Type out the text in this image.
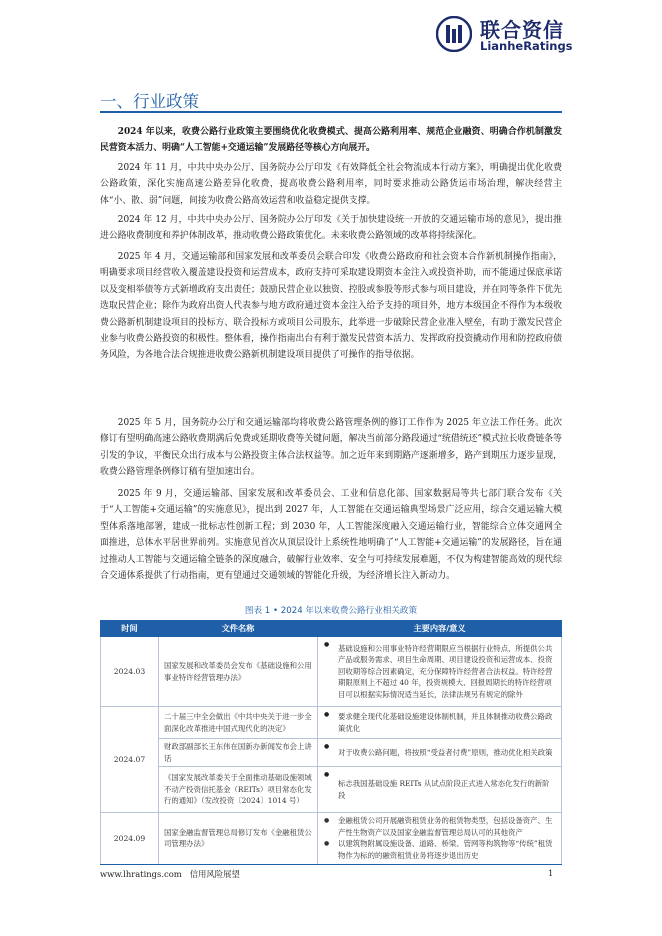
联合资信
LianheRatings
一、行业政策

2024 年以来，收费公路行业政策主要围绕优化收费模式、提高公路利用率、规范企业融资、明确合作机制激发民营资本活力、明确“人工智能+交通运输”发展路径等核心方向展开。

2024 年 11 月，中共中央办公厅、国务院办公厅印发《有效降低全社会物流成本行动方案》，明确提出优化收费公路政策，深化实施高速公路差异化收费，提高收费公路利用率，同时要求推动公路货运市场治理，解决经营主体“小、散、弱”问题，间接为收费公路高效运营和收益稳定提供支撑。

2024 年 12 月，中共中央办公厅、国务院办公厅印发《关于加快建设统一开放的交通运输市场的意见》，提出推进公路收费制度和养护体制改革，推动收费公路政策优化。未来收费公路领域的改革将持续深化。

2025 年 4 月，交通运输部和国家发展和改革委员会联合印发《收费公路政府和社会资本合作新机制操作指南》，明确要求项目经营收入覆盖建设投资和运营成本，政府支持可采取建设期资本金注入或投资补助，而不能通过保底承诺以及变相举债等方式新增政府支出责任；鼓励民营企业以独资、控股或参股等形式参与项目建设，并在同等条件下优先选取民营企业；除作为政府出资人代表参与地方政府通过资本金注入给予支持的项目外，地方本级国企不得作为本级收费公路新机制建设项目的投标方、联合投标方或项目公司股东，此举进一步破除民营企业准入壁垒，有助于激发民营企业参与收费公路投资的积极性。整体看，操作指南出台有利于激发民营资本活力、发挥政府投资撬动作用和防控政府债务风险，为各地合法合规推进收费公路新机制建设项目提供了可操作的指导依据。

2025 年 5 月，国务院办公厅和交通运输部均将收费公路管理条例的修订工作作为 2025 年立法工作任务。此次修订有望明确高速公路收费期满后免费或延期收费等关键问题，解决当前部分路段通过“统借统还”模式拉长收费链条等引发的争议，平衡民众出行成本与公路投资主体合法权益等。加之近年来到期路产逐渐增多，路产到期压力逐步显现，收费公路管理条例修订稿有望加速出台。

2025 年 9 月，交通运输部、国家发展和改革委员会、工业和信息化部、国家数据局等共七部门联合发布《关于“人工智能+交通运输”的实施意见》，提出到 2027 年，人工智能在交通运输典型场景广泛应用，综合交通运输大模型体系落地部署，建成一批标志性创新工程；到 2030 年，人工智能深度融入交通运输行业，智能综合立体交通网全面推进，总体水平居世界前列。实施意见首次从顶层设计上系统性地明确了“人工智能+交通运输”的发展路径，旨在通过推动人工智能与交通运输全链条的深度融合，破解行业效率、安全与可持续发展难题，不仅为构建智能高效的现代综合交通体系提供了行动指南，更有望通过交通领域的智能化升级，为经济增长注入新动力。

图表 1 • 2024 年以来收费公路行业相关政策
时间	文件名称	主要内容/意义
2024.03	国家发展和改革委员会发布《基础设施和公用事业特许经营管理办法》	● 基础设施和公用事业特许经营期限应当根据行业特点、所提供公共产品或服务需求、项目生命周期、项目建设投资和运营成本、投资回收期等综合因素确定，充分保障特许经营者合法权益。特许经营期限原则上不超过 40 年，投资规模大、回报周期长的特许经营项目可以根据实际情况适当延长，法律法规另有规定的除外
2024.07	二十届三中全会做出《中共中央关于进一步全面深化改革推进中国式现代化的决定》	● 要求健全现代化基础设施建设体制机制，并且体制推动收费公路政策优化
	财政部副部长王东伟在国新办新闻发布会上讲话	● 对于收费公路问题，将按照“受益者付费”原则，推动优化相关政策
	《国家发展改革委关于全面推动基础设施领域不动产投资信托基金（REITs）项目常态化发行的通知》（发改投资〔2024〕1014 号）	● 标志我国基础设施 REITs 从试点阶段正式进入常态化发行的新阶段
2024.09	国家金融监督管理总局修订发布《金融租赁公司管理办法》	● 金融租赁公司开展融资租赁业务的租赁物类型，包括设备资产、生产性生物资产以及国家金融监督管理总局认可的其他资产
● 以建筑物附属设施设备、道路、桥梁、管网等构筑物等“传统”租赁物作为标的的融资租赁业务将逐步退出历史
www.lhratings.com 信用风险展望	1
